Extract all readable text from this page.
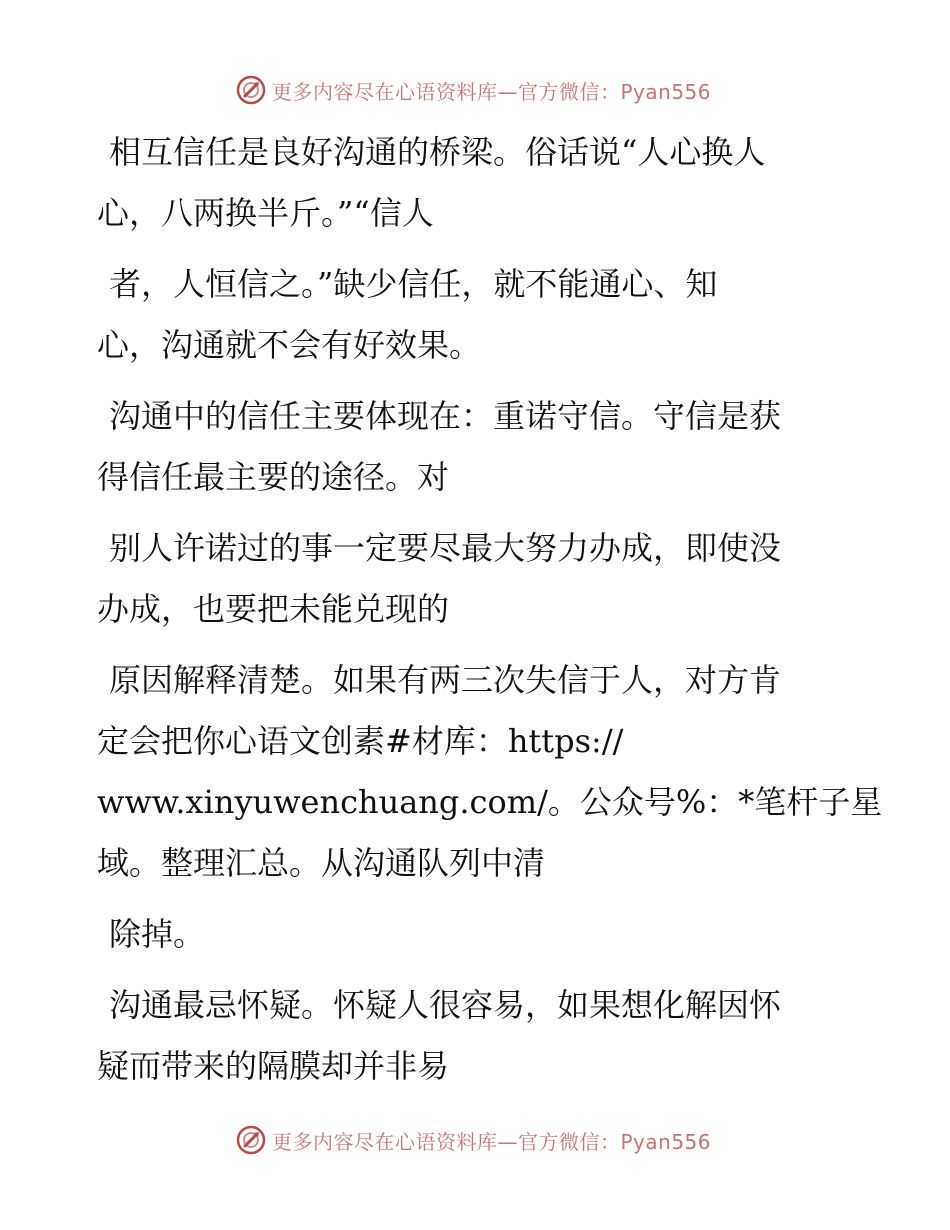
更多内容尽在心语资料库—官方微信：Pyan556

相互信任是良好沟通的桥梁。俗话说“人心换人
心，八两换半斤。”“信人

者，人恒信之。”缺少信任，就不能通心、知
心，沟通就不会有好效果。

沟通中的信任主要体现在：重诺守信。守信是获
得信任最主要的途径。对

别人许诺过的事一定要尽最大努力办成，即使没
办成，也要把未能兑现的

原因解释清楚。如果有两三次失信于人，对方肯
定会把你心语文创素#材库：https://
www.xinyuwenchuang.com/。公众号%：*笔杆子星
域。整理汇总。从沟通队列中清

除掉。

沟通最忌怀疑。怀疑人很容易，如果想化解因怀
疑而带来的隔膜却并非易

更多内容尽在心语资料库—官方微信：Pyan556
